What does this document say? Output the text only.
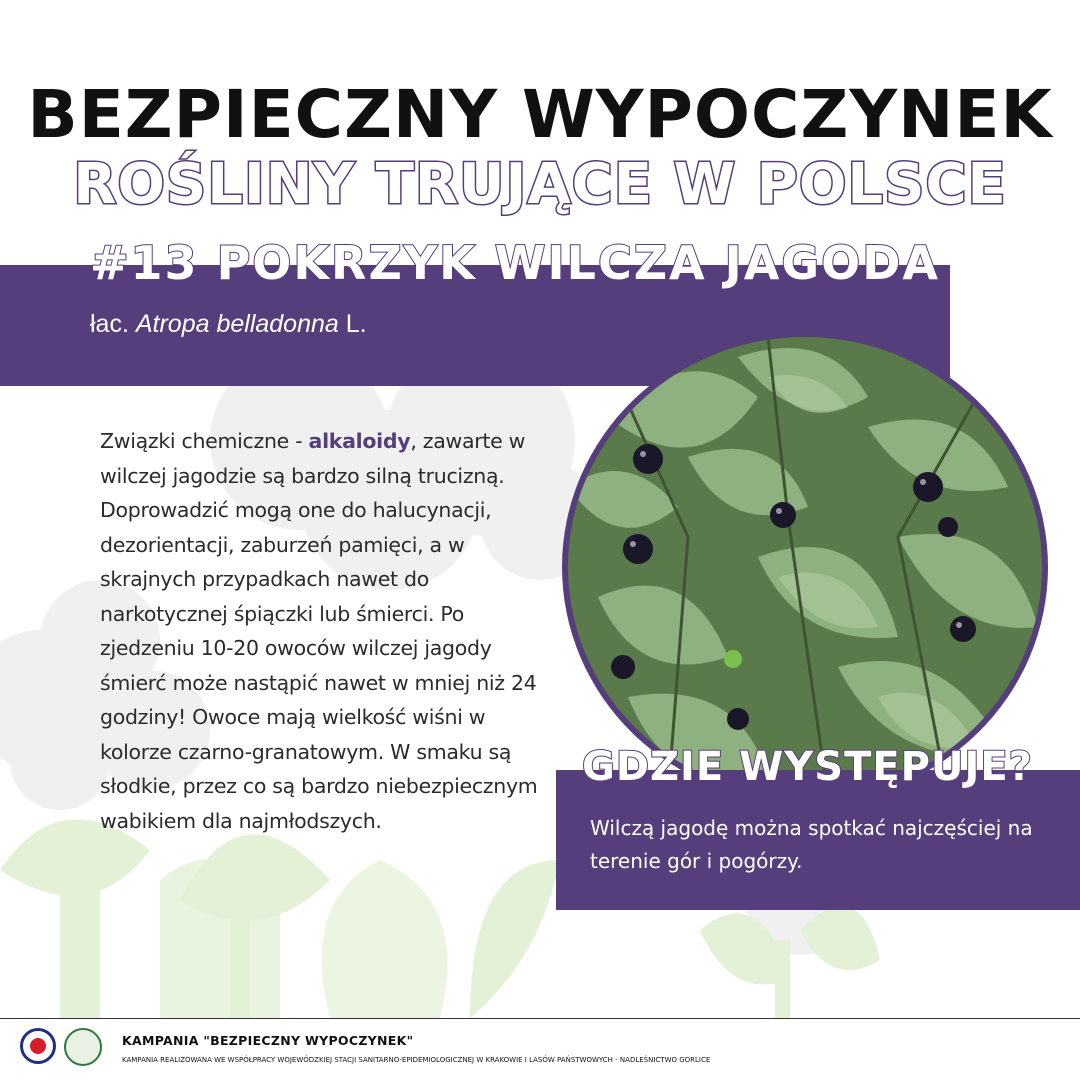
BEZPIECZNY WYPOCZYNEK
ROŚLINY TRUJĄCE W POLSCE
#13 POKRZYK WILCZA JAGODA
łac. Atropa belladonna L.
Związki chemiczne - alkaloidy, zawarte w wilczej jagodzie są bardzo silną trucizną. Doprowadzić mogą one do halucynacji, dezorientacji, zaburzeń pamięci, a w skrajnych przypadkach nawet do narkotycznej śpiączki lub śmierci. Po zjedzeniu 10-20 owoców wilczej jagody śmierć może nastąpić nawet w mniej niż 24 godziny! Owoce mają wielkość wiśni w kolorze czarno-granatowym. W smaku są słodkie, przez co są bardzo niebezpiecznym wabikiem dla najmłodszych.
GDZIE WYSTĘPUJE?
Wilczą jagodę można spotkać najczęściej na terenie gór i pogórzy.
KAMPANIA "BEZPIECZNY WYPOCZYNEK"
KAMPANIA REALIZOWANA WE WSPÓŁPRACY WOJEWÓDZKIEJ STACJI SANITARNO-EPIDEMIOLOGICZNEJ W KRAKOWIE I LASÓW PAŃSTWOWYCH - NADLEŚNICTWO GORLICE
